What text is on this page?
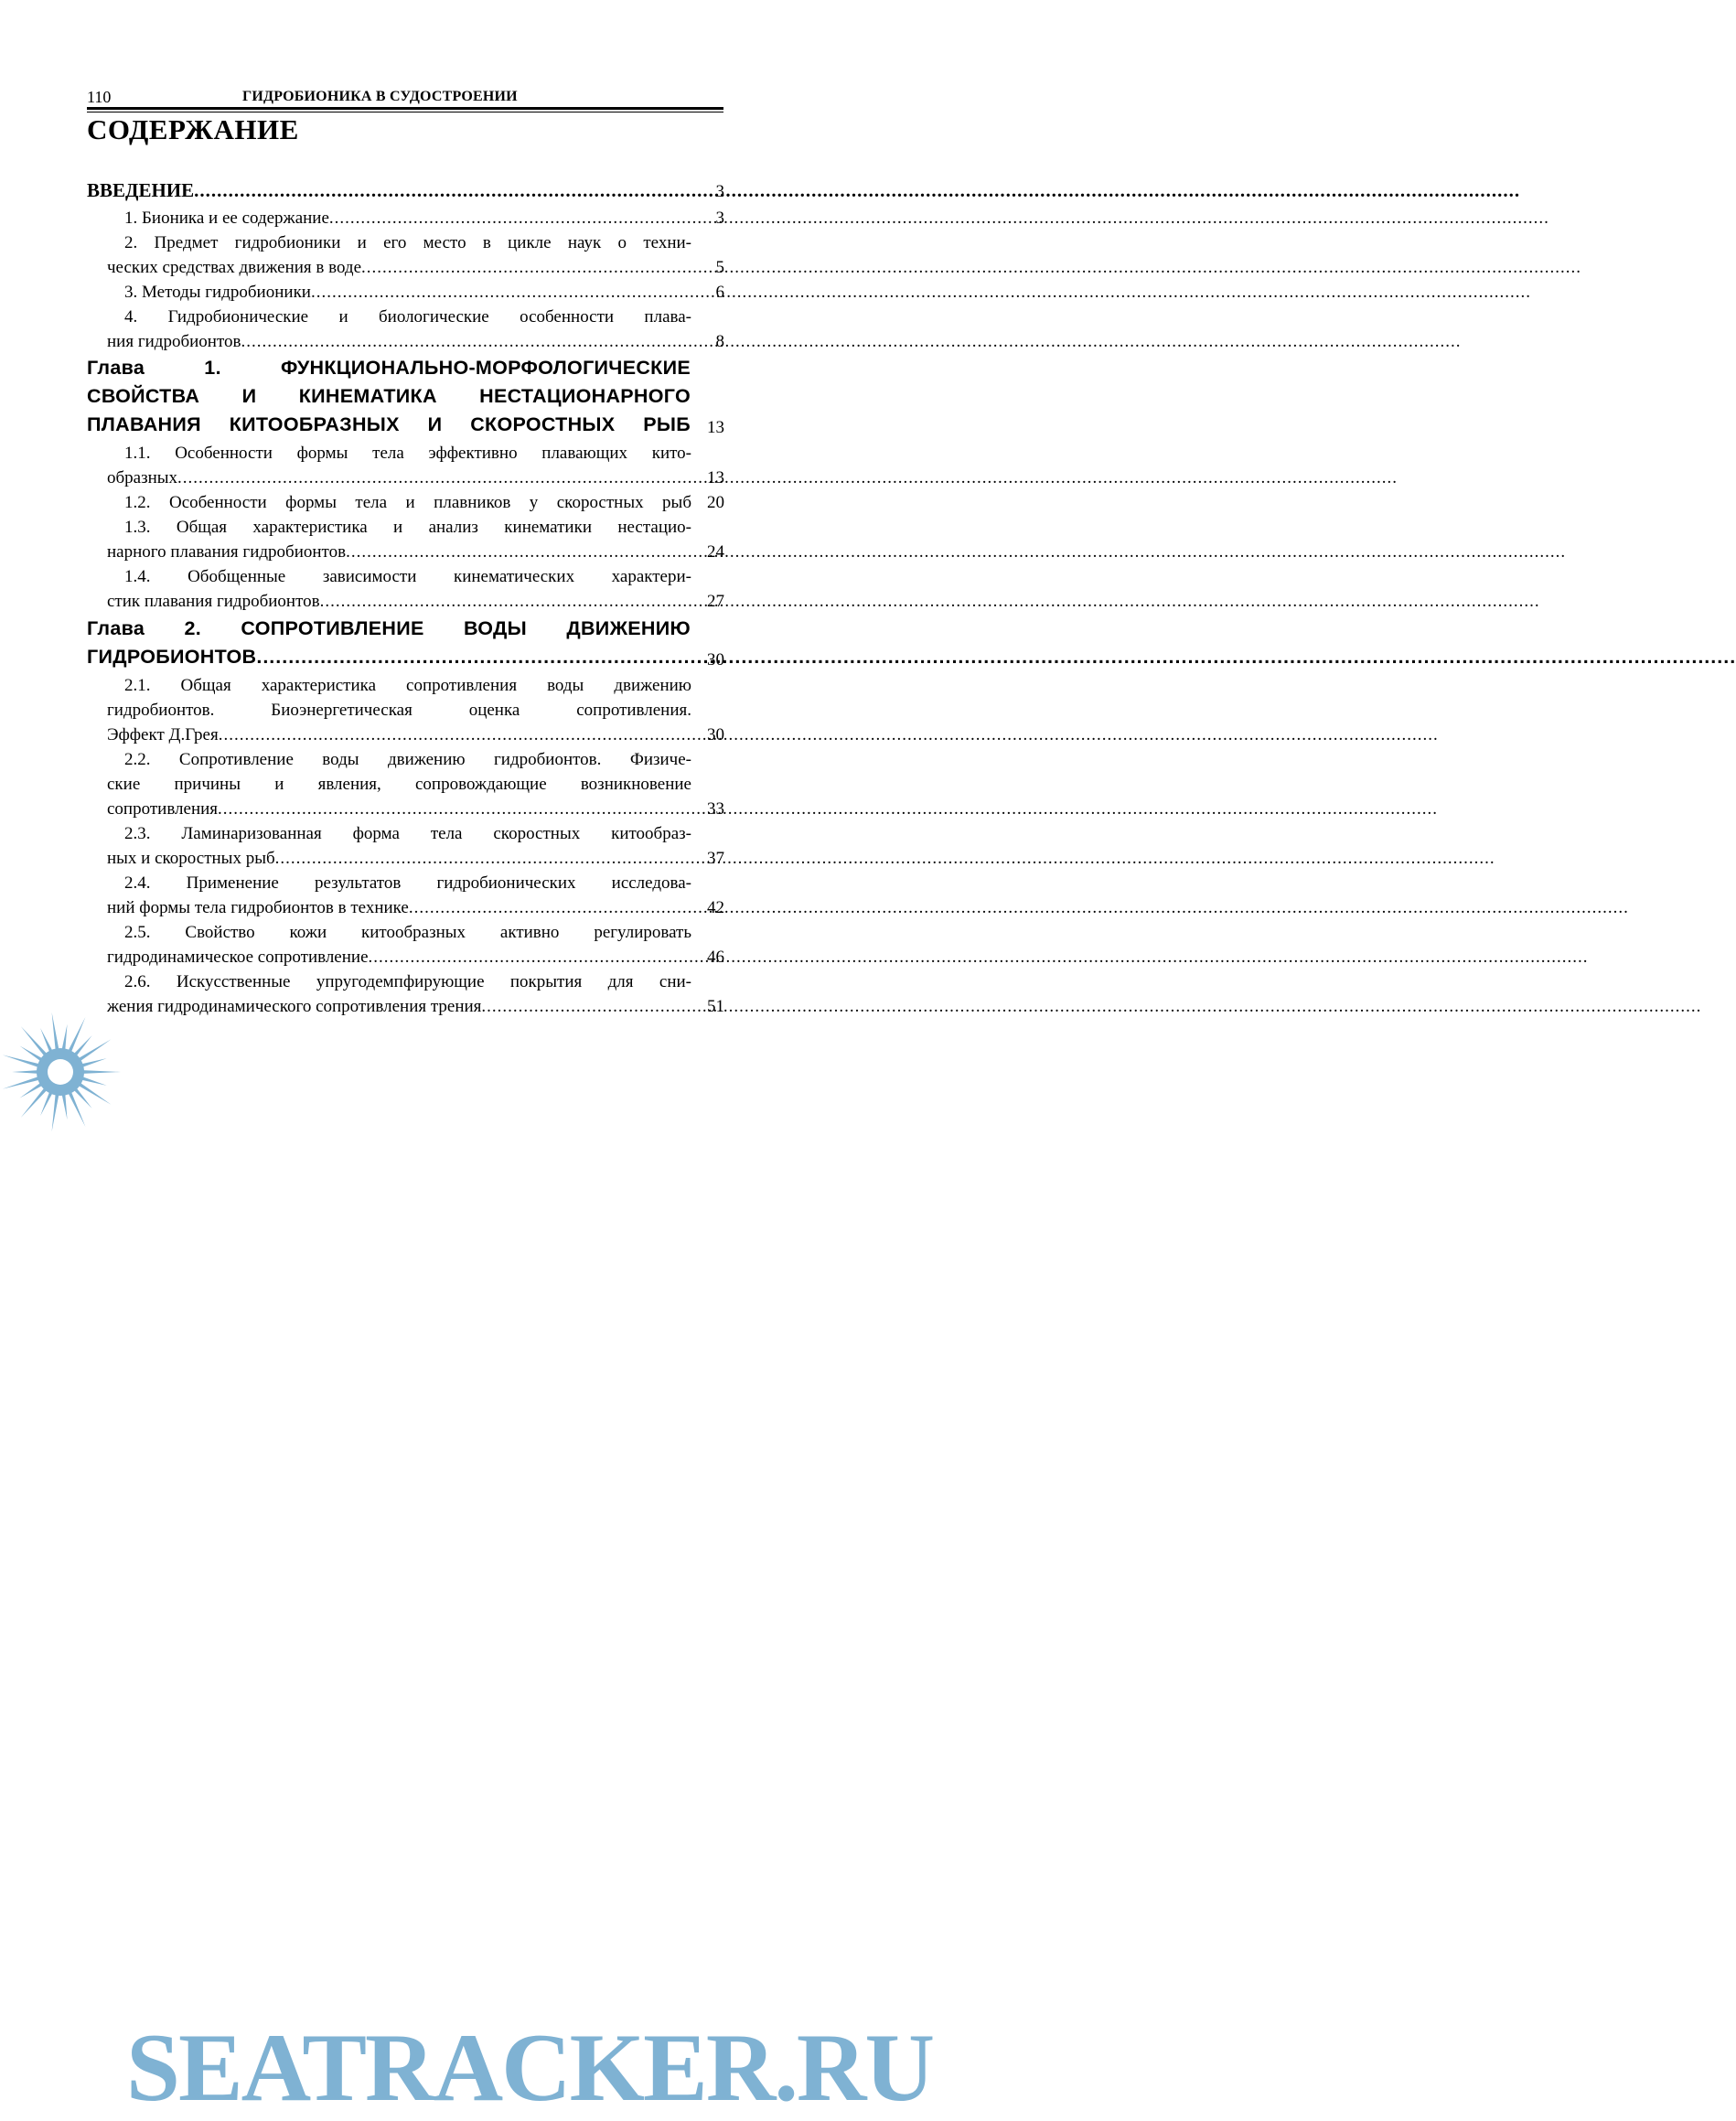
110	ГИДРОБИОНИКА В СУДОСТРОЕНИИ
СОДЕРЖАНИЕ
ВВЕДЕНИЕ .....	3
1. Бионика и ее содержание .....	3
2. Предмет гидробионики и его место в цикле наук о техни-
ческих средствах движения в воде .....	5
3. Методы гидробионики .....	6
4. Гидробионические и биологические особенности плава-
ния гидробионтов .....	8
Глава 1. ФУНКЦИОНАЛЬНО-МОРФОЛОГИЧЕСКИЕ
СВОЙСТВА И КИНЕМАТИКА НЕСТАЦИОНАРНОГО
ПЛАВАНИЯ КИТООБРАЗНЫХ И СКОРОСТНЫХ РЫБ 13
1.1. Особенности формы тела эффективно плавающих кито-
образных .....	13
1.2. Особенности формы тела и плавников у скоростных рыб 20
1.3. Общая характеристика и анализ кинематики нестацио-
нарного плавания гидробионтов .....	24
1.4. Обобщенные зависимости кинематических характери-
стик плавания гидробионтов .....	27
Глава 2. СОПРОТИВЛЕНИЕ ВОДЫ ДВИЖЕНИЮ
ГИДРОБИОНТОВ .....	30
2.1. Общая характеристика сопротивления воды движению
гидробионтов. Биоэнергетическая оценка сопротивления.
Эффект Д.Грея .....	30
2.2. Сопротивление воды движению гидробионтов. Физиче-
ские причины и явления, сопровождающие возникновение
сопротивления .....	33
2.3. Ламинаризованная форма тела скоростных китообраз-
ных и скоростных рыб .....	37
2.4. Применение результатов гидробионических исследова-
ний формы тела гидробионтов в технике .....	42
2.5. Свойство кожи китообразных активно регулировать
гидродинамическое сопротивление .....	46
2.6. Искусственные упругодемпфирующие покрытия для сни-
жения гидродинамического сопротивления трения .....	51
SEATRACKER.RU
